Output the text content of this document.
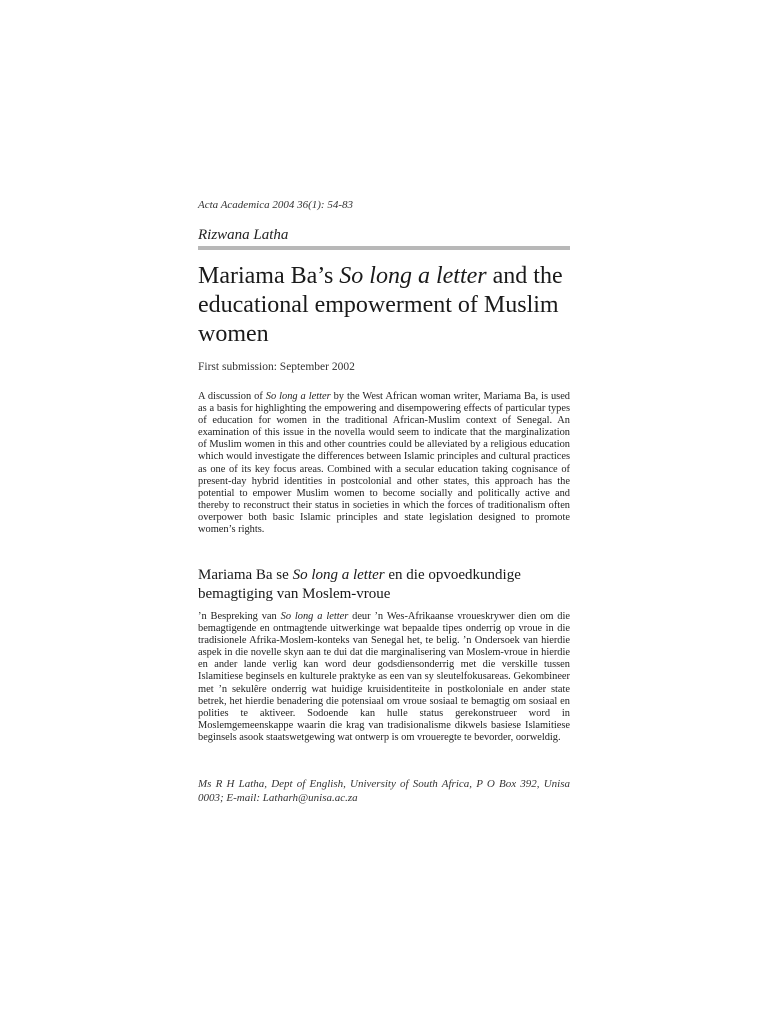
Acta Academica 2004 36(1): 54-83
Rizwana Latha
Mariama Ba’s So long a letter and the educational empowerment of Muslim women
First submission: September 2002

A discussion of So long a letter by the West African woman writer, Mariama Ba, is used as a basis for highlighting the empowering and disempowering effects of particular types of education for women in the traditional African-Muslim context of Senegal. An examination of this issue in the novella would seem to indicate that the marginalization of Muslim women in this and other countries could be alleviated by a religious education which would investigate the differences between Islamic principles and cultural practices as one of its key focus areas. Combined with a secular education taking cognisance of present-day hybrid identities in postcolonial and other states, this approach has the potential to empower Muslim women to become socially and politically active and thereby to reconstruct their status in societies in which the forces of traditionalism often overpower both basic Islamic principles and state legislation designed to promote women’s rights.

Mariama Ba se So long a letter en die opvoedkundige bemagtiging van Moslem-vroue

’n Bespreking van So long a letter deur ’n Wes-Afrikaanse vroueskrywer dien om die bemagtigende en ontmagtende uitwerkinge wat bepaalde tipes onderrig op vroue in die tradisionele Afrika-Moslem-konteks van Senegal het, te belig. ’n Ondersoek van hierdie aspek in die novelle skyn aan te dui dat die marginalisering van Moslem-vroue in hierdie en ander lande verlig kan word deur godsdiensonderrig met die verskille tussen Islamitiese beginsels en kulturele praktyke as een van sy sleutelfokusareas. Gekombineer met ’n sekulêre onderrig wat huidige kruisidentiteite in postkoloniale en ander state betrek, het hierdie benadering die potensiaal om vroue sosiaal te bemagtig om sosiaal en polities te aktiveer. Sodoende kan hulle status gerekonstrueer word in Moslemgemeenskappe waarin die krag van tradisionalisme dikwels basiese Islamitiese beginsels asook staatswetgewing wat ontwerp is om vroueregte te bevorder, oorweldig.

Ms R H Latha, Dept of English, University of South Africa, P O Box 392, Unisa 0003; E-mail: Latharh@unisa.ac.za
